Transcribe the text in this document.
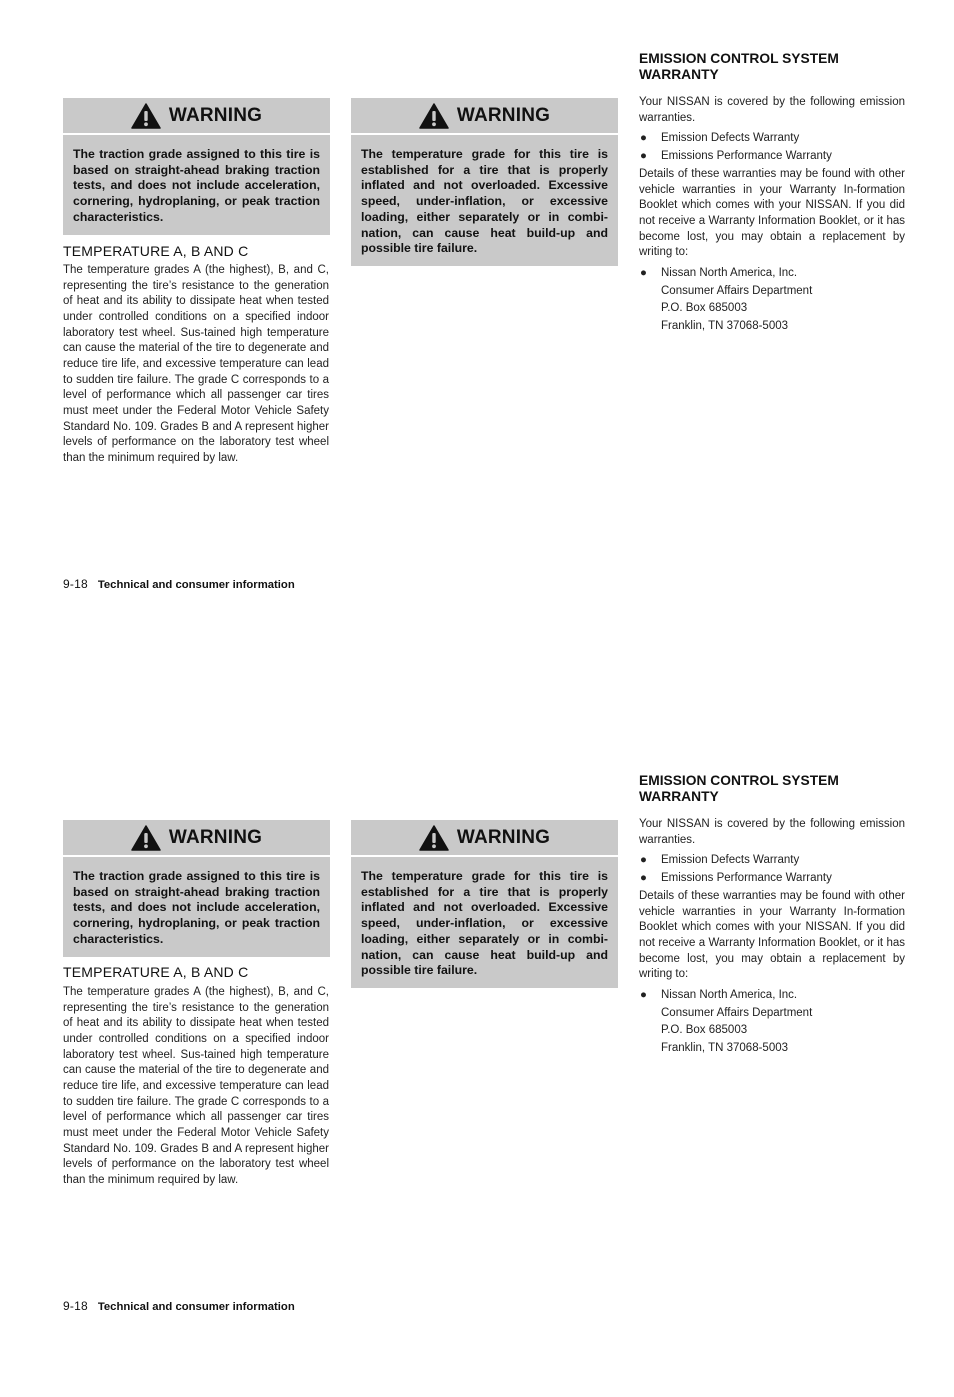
WARNING
The traction grade assigned to this tire is based on straight-ahead braking traction tests, and does not include acceleration, cornering, hydroplaning, or peak traction characteristics.
WARNING
The temperature grade for this tire is established for a tire that is properly inflated and not overloaded. Excessive speed, under-inflation, or excessive loading, either separately or in combi-nation, can cause heat build-up and possible tire failure.
TEMPERATURE A, B AND C
The temperature grades A (the highest), B, and C, representing the tire’s resistance to the generation of heat and its ability to dissipate heat when tested under controlled conditions on a specified indoor laboratory test wheel. Sus-tained high temperature can cause the material of the tire to degenerate and reduce tire life, and excessive temperature can lead to sudden tire failure. The grade C corresponds to a level of performance which all passenger car tires must meet under the Federal Motor Vehicle Safety Standard No. 109. Grades B and A represent higher levels of performance on the laboratory test wheel than the minimum required by law.
EMISSION CONTROL SYSTEM WARRANTY

Your NISSAN is covered by the following emission warranties.

● Emission Defects Warranty

● Emissions Performance Warranty

Details of these warranties may be found with other vehicle warranties in your Warranty In-formation Booklet which comes with your NISSAN. If you did not receive a Warranty Information Booklet, or it has become lost, you may obtain a replacement by writing to:

● Nissan North America, Inc.

Consumer Affairs Department

P.O. Box 685003

Franklin, TN 37068-5003

9-18 Technical and consumer information
WARNING
The traction grade assigned to this tire is based on straight-ahead braking traction tests, and does not include acceleration, cornering, hydroplaning, or peak traction characteristics.
WARNING
The temperature grade for this tire is established for a tire that is properly inflated and not overloaded. Excessive speed, under-inflation, or excessive loading, either separately or in combi-nation, can cause heat build-up and possible tire failure.
TEMPERATURE A, B AND C
The temperature grades A (the highest), B, and C, representing the tire’s resistance to the generation of heat and its ability to dissipate heat when tested under controlled conditions on a specified indoor laboratory test wheel. Sus-tained high temperature can cause the material of the tire to degenerate and reduce tire life, and excessive temperature can lead to sudden tire failure. The grade C corresponds to a level of performance which all passenger car tires must meet under the Federal Motor Vehicle Safety Standard No. 109. Grades B and A represent higher levels of performance on the laboratory test wheel than the minimum required by law.
EMISSION CONTROL SYSTEM WARRANTY

Your NISSAN is covered by the following emission warranties.

● Emission Defects Warranty

● Emissions Performance Warranty

Details of these warranties may be found with other vehicle warranties in your Warranty In-formation Booklet which comes with your NISSAN. If you did not receive a Warranty Information Booklet, or it has become lost, you may obtain a replacement by writing to:

● Nissan North America, Inc.

Consumer Affairs Department

P.O. Box 685003

Franklin, TN 37068-5003

9-18 Technical and consumer information
